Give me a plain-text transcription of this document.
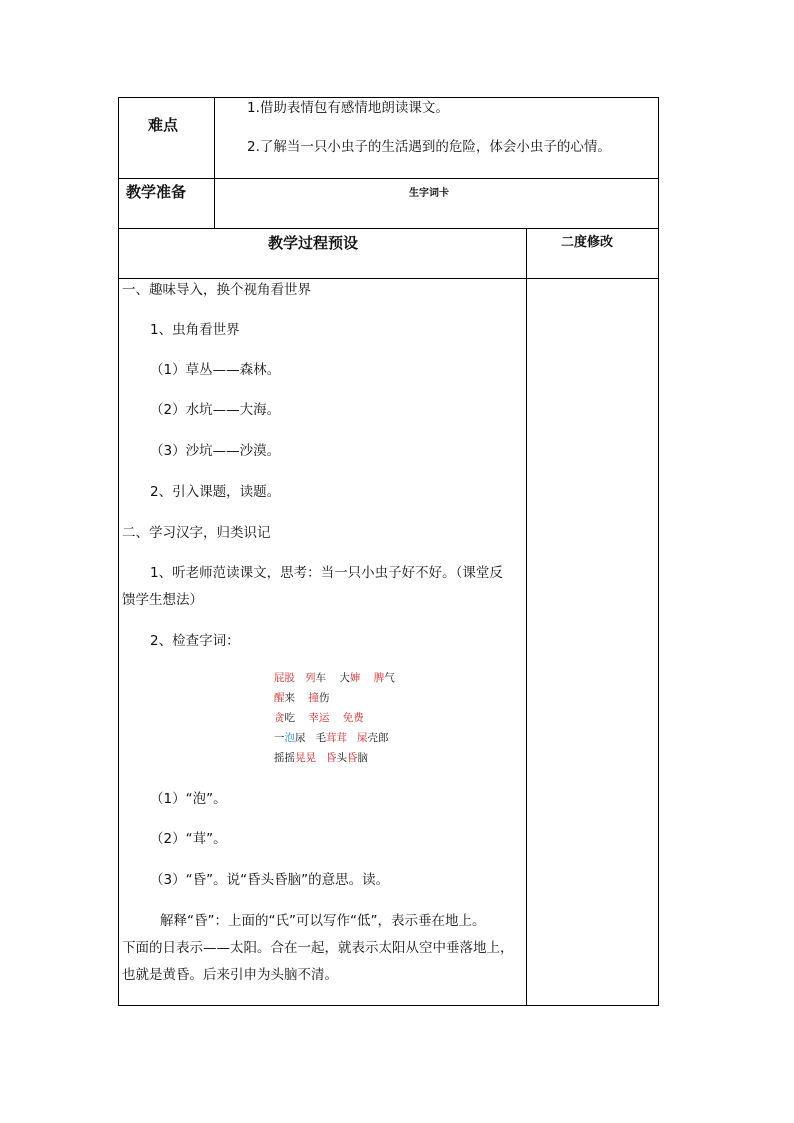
难点
1.借助表情包有感情地朗读课文。
2.了解当一只小虫子的生活遇到的危险，体会小虫子的心情。
教学准备	生字词卡
教学过程预设	二度修改
一、趣味导入，换个视角看世界
1、虫角看世界
（1）草丛——森林。
（2）水坑——大海。
（3）沙坑——沙漠。
2、引入课题，读题。
二、学习汉字，归类识记
1、听老师范读课文，思考：当一只小虫子好不好。（课堂反
馈学生想法）
2、检查字词：
屁股 列车 大婶 脾气
醒来 撞伤
贪吃 幸运 免费
一泡尿 毛茸茸 屎壳郎
摇摇晃晃 昏头昏脑
（1）“泡”。
（2）“茸”。
（3）“昏”。说“昏头昏脑”的意思。读。
解释“昏”：上面的“氏”可以写作“低”，表示垂在地上。
下面的日表示——太阳。合在一起，就表示太阳从空中垂落地上，
也就是黄昏。后来引申为头脑不清。
